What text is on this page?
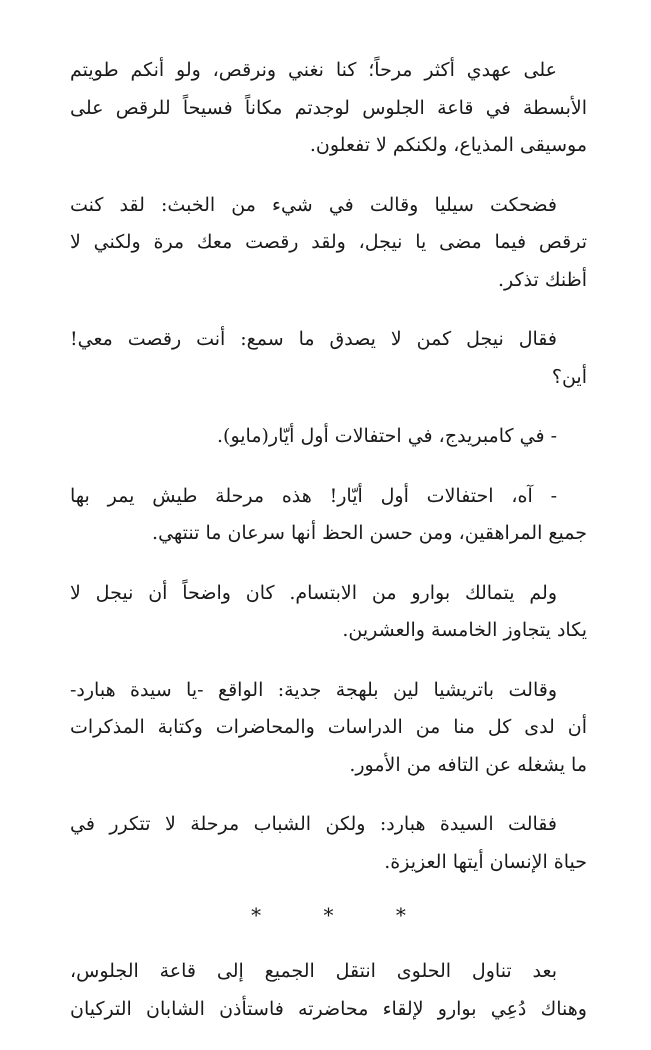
على عهدي أكثر مرحاً؛ كنا نغني ونرقص، ولو أنكم طويتم
الأبسطة في قاعة الجلوس لوجدتم مكاناً فسيحاً للرقص على
موسيقى المذياع، ولكنكم لا تفعلون.

فضحكت سيليا وقالت في شيء من الخبث: لقد كنت
ترقص فيما مضى يا نيجل، ولقد رقصت معك مرة ولكني لا
أظنك تذكر.

فقال نيجل كمن لا يصدق ما سمع: أنت رقصت معي!
أين؟

- في كامبريدج، في احتفالات أول أيّار(مايو).

- آه، احتفالات أول أيّار! هذه مرحلة طيش يمر بها
جميع المراهقين، ومن حسن الحظ أنها سرعان ما تنتهي.

ولم يتمالك بوارو من الابتسام. كان واضحاً أن نيجل لا
يكاد يتجاوز الخامسة والعشرين.

وقالت باتريشيا لين بلهجة جدية: الواقع -يا سيدة هبارد-
أن لدى كل منا من الدراسات والمحاضرات وكتابة المذكرات
ما يشغله عن التافه من الأمور.

فقالت السيدة هبارد: ولكن الشباب مرحلة لا تتكرر في
حياة الإنسان أيتها العزيزة.

* * *

بعد تناول الحلوى انتقل الجميع إلى قاعة الجلوس،
وهناك دُعِي بوارو لإلقاء محاضرته فاستأذن الشابان التركيان
